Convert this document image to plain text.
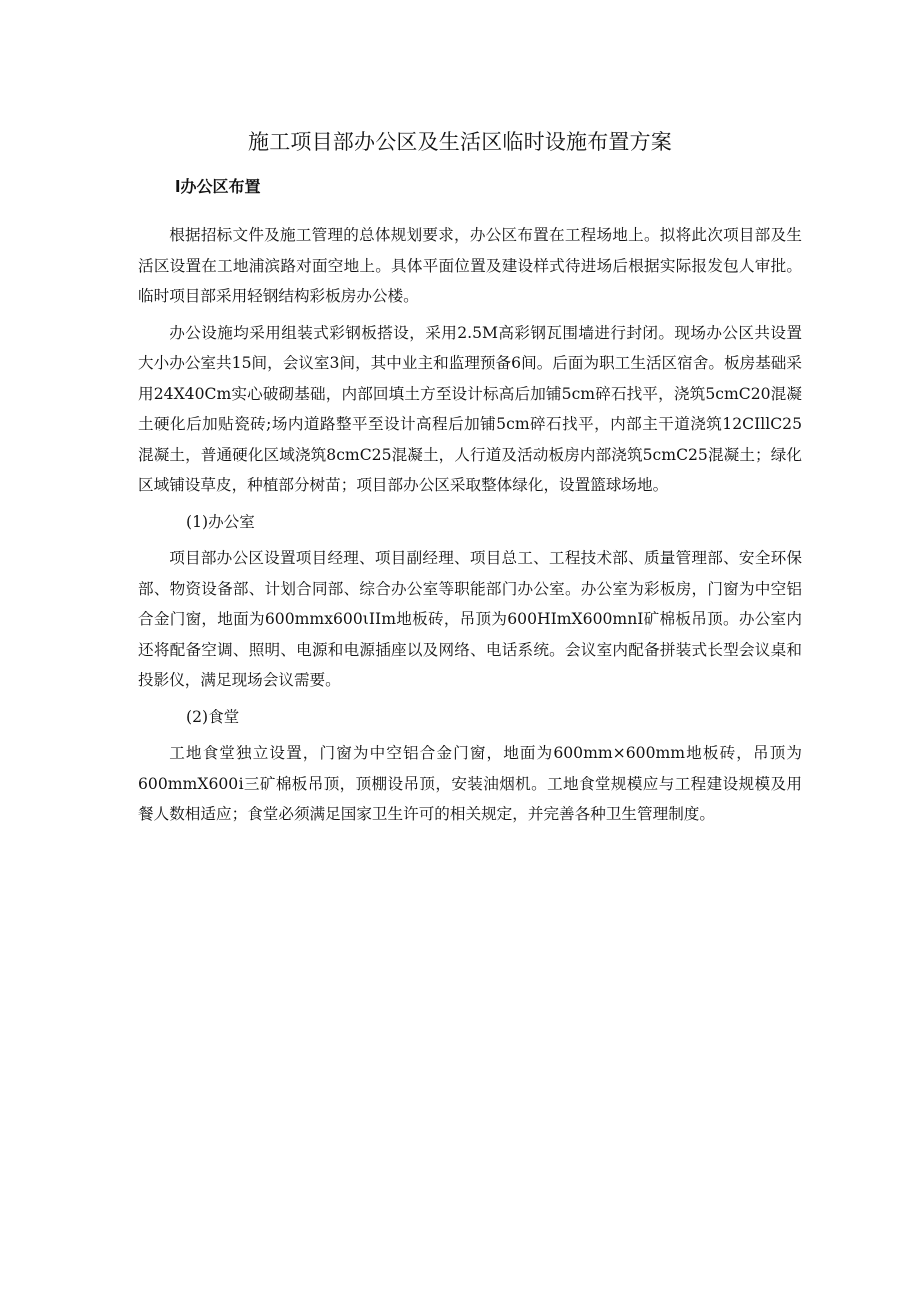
施工项目部办公区及生活区临时设施布置方案
l办公区布置

根据招标文件及施工管理的总体规划要求，办公区布置在工程场地上。拟将此次项目部及生活区设置在工地浦滨路对面空地上。具体平面位置及建设样式待进场后根据实际报发包人审批。临时项目部采用轻钢结构彩板房办公楼。

办公设施均采用组装式彩钢板搭设，采用2.5M高彩钢瓦围墙进行封闭。现场办公区共设置大小办公室共15间，会议室3间，其中业主和监理预备6间。后面为职工生活区宿舍。板房基础采用24X40Cm实心破砌基础，内部回填土方至设计标高后加铺5cm碎石找平，浇筑5cmC20混凝土硬化后加贴瓷砖;场内道路整平至设计高程后加铺5cm碎石找平，内部主干道浇筑12CIllC25混凝土，普通硬化区域浇筑8cmC25混凝土，人行道及活动板房内部浇筑5cmC25混凝土；绿化区域铺设草皮，种植部分树苗；项目部办公区采取整体绿化，设置篮球场地。

(1)办公室

项目部办公区设置项目经理、项目副经理、项目总工、工程技术部、质量管理部、安全环保部、物资设备部、计划合同部、综合办公室等职能部门办公室。办公室为彩板房，门窗为中空铝合金门窗，地面为600mmx600ιIIm地板砖，吊顶为600HImX600mnI矿棉板吊顶。办公室内还将配备空调、照明、电源和电源插座以及网络、电话系统。会议室内配备拼装式长型会议桌和投影仪，满足现场会议需要。

(2)食堂

工地食堂独立设置，门窗为中空铝合金门窗，地面为600mm×600mm地板砖，吊顶为600mmX600ⅰ三矿棉板吊顶，顶棚设吊顶，安装油烟机。工地食堂规模应与工程建设规模及用餐人数相适应；食堂必须满足国家卫生许可的相关规定，并完善各种卫生管理制度。
